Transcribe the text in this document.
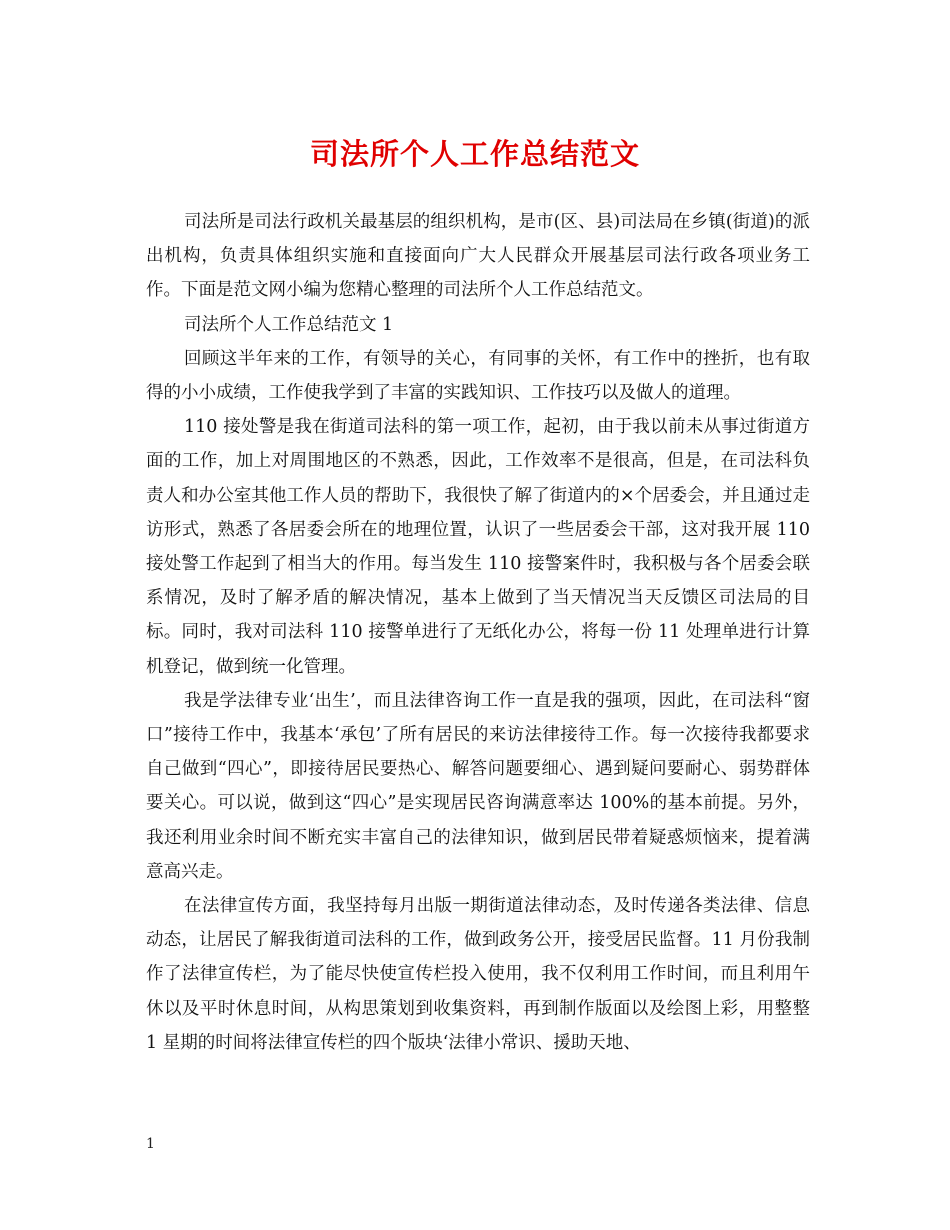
司法所个人工作总结范文

司法所是司法行政机关最基层的组织机构，是市(区、县)司法局在乡镇(街道)的派出机构，负责具体组织实施和直接面向广大人民群众开展基层司法行政各项业务工作。下面是范文网小编为您精心整理的司法所个人工作总结范文。

司法所个人工作总结范文 1

回顾这半年来的工作，有领导的关心，有同事的关怀，有工作中的挫折，也有取得的小小成绩，工作使我学到了丰富的实践知识、工作技巧以及做人的道理。

110 接处警是我在街道司法科的第一项工作，起初，由于我以前未从事过街道方面的工作，加上对周围地区的不熟悉，因此，工作效率不是很高，但是，在司法科负责人和办公室其他工作人员的帮助下，我很快了解了街道内的×个居委会，并且通过走访形式，熟悉了各居委会所在的地理位置，认识了一些居委会干部，这对我开展 110 接处警工作起到了相当大的作用。每当发生 110 接警案件时，我积极与各个居委会联系情况，及时了解矛盾的解决情况，基本上做到了当天情况当天反馈区司法局的目标。同时，我对司法科 110 接警单进行了无纸化办公，将每一份 11 处理单进行计算机登记，做到统一化管理。

我是学法律专业‘出生’，而且法律咨询工作一直是我的强项，因此，在司法科“窗口”接待工作中，我基本‘承包’了所有居民的来访法律接待工作。每一次接待我都要求自己做到“四心”，即接待居民要热心、解答问题要细心、遇到疑问要耐心、弱势群体要关心。可以说，做到这“四心”是实现居民咨询满意率达 100%的基本前提。另外，我还利用业余时间不断充实丰富自己的法律知识，做到居民带着疑惑烦恼来，提着满意高兴走。

在法律宣传方面，我坚持每月出版一期街道法律动态，及时传递各类法律、信息动态，让居民了解我街道司法科的工作，做到政务公开，接受居民监督。11 月份我制作了法律宣传栏，为了能尽快使宣传栏投入使用，我不仅利用工作时间，而且利用午休以及平时休息时间，从构思策划到收集资料，再到制作版面以及绘图上彩，用整整 1 星期的时间将法律宣传栏的四个版块‘法律小常识、援助天地、

1
